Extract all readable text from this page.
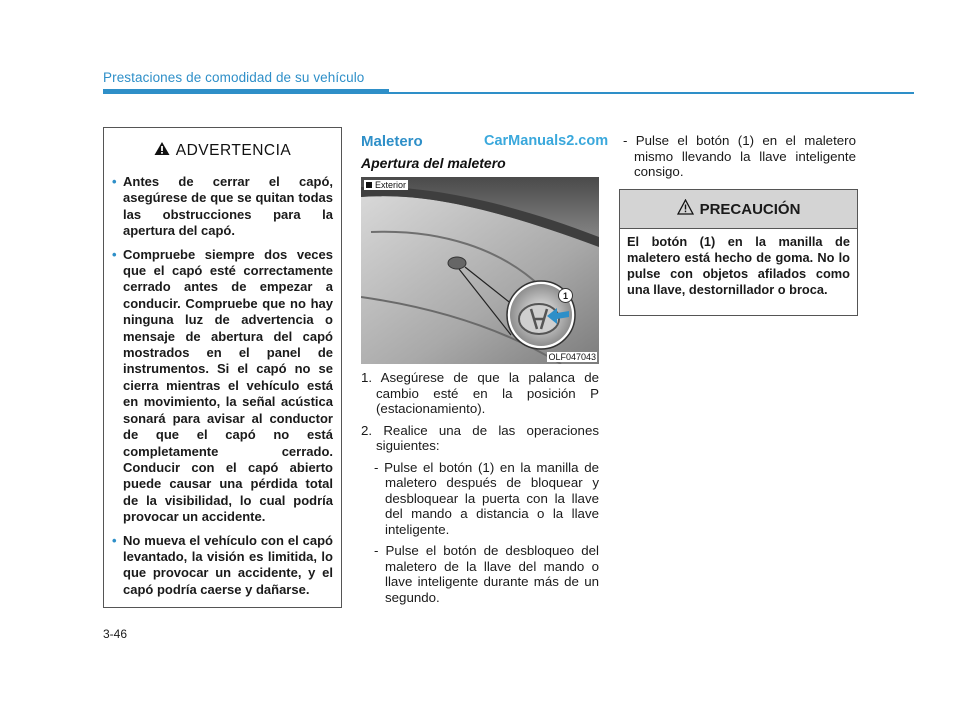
Prestaciones de comodidad de su vehículo
ADVERTENCIA
• Antes de cerrar el capó, asegúrese de que se quitan todas las obstrucciones para la apertura del capó.
• Compruebe siempre dos veces que el capó esté correctamente cerrado antes de empezar a conducir. Compruebe que no hay ninguna luz de advertencia o mensaje de abertura del capó mostrados en el panel de instrumentos. Si el capó no se cierra mientras el vehículo está en movimiento, la señal acústica sonará para avisar al conductor de que el capó no está completamente cerrado. Conducir con el capó abierto puede causar una pérdida total de la visibilidad, lo cual podría provocar un accidente.
• No mueva el vehículo con el capó levantado, la visión es limitida, lo que provocar un accidente, y el capó podría caerse y dañarse.
Maletero	CarManuals2.com
Apertura del maletero
Exterior
1
OLF047043
1. Asegúrese de que la palanca de cambio esté en la posición P (estacionamiento).
2. Realice una de las operaciones siguientes:
- Pulse el botón (1) en la manilla de maletero después de bloquear y desbloquear la puerta con la llave del mando a distancia o la llave inteligente.
- Pulse el botón de desbloqueo del maletero de la llave del mando o llave inteligente durante más de un segundo.
- Pulse el botón (1) en el maletero mismo llevando la llave inteligente consigo.
PRECAUCIÓN
El botón (1) en la manilla de maletero está hecho de goma. No lo pulse con objetos afilados como una llave, destornillador o broca.
3-46
